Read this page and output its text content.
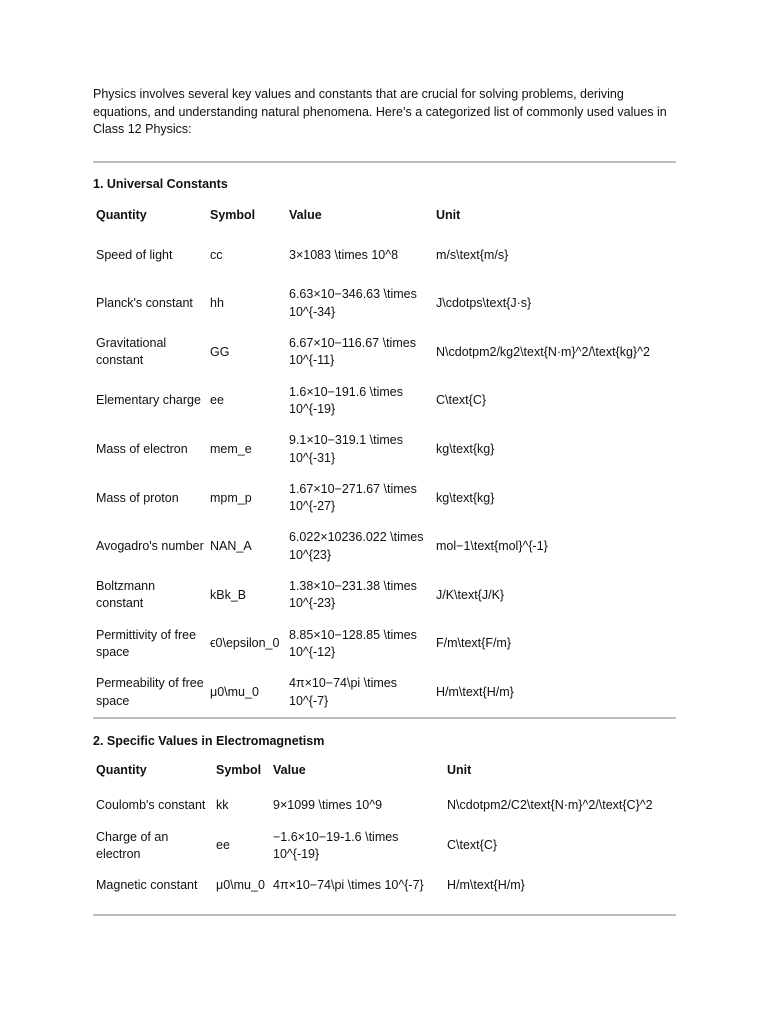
Physics involves several key values and constants that are crucial for solving problems, deriving equations, and understanding natural phenomena. Here’s a categorized list of commonly used values in Class 12 Physics:

1. Universal Constants
Quantity	Symbol	Value	Unit
Speed of light	cc	3×1083 \times 10^8	m/s\text{m/s}
Planck's constant	hh	6.63×10−346.63 \times 10^{-34}	J\cdotps\text{J·s}
Gravitational constant	GG	6.67×10−116.67 \times 10^{-11}	N\cdotpm2/kg2\text{N·m}^2/\text{kg}^2
Elementary charge	ee	1.6×10−191.6 \times 10^{-19}	C\text{C}
Mass of electron	mem_e	9.1×10−319.1 \times 10^{-31}	kg\text{kg}
Mass of proton	mpm_p	1.67×10−271.67 \times 10^{-27}	kg\text{kg}
Avogadro's number	NAN_A	6.022×10236.022 \times 10^{23}	mol−1\text{mol}^{-1}
Boltzmann constant	kBk_B	1.38×10−231.38 \times 10^{-23}	J/K\text{J/K}
Permittivity of free space	ϵ0\epsilon_0	8.85×10−128.85 \times 10^{-12}	F/m\text{F/m}
Permeability of free space	μ0\mu_0	4π×10−74\pi \times 10^{-7}	H/m\text{H/m}
2. Specific Values in Electromagnetism
Quantity	Symbol	Value	Unit
Coulomb's constant	kk	9×1099 \times 10^9	N\cdotpm2/C2\text{N·m}^2/\text{C}^2
Charge of an electron	ee	−1.6×10−19-1.6 \times 10^{-19}	C\text{C}
Magnetic constant	μ0\mu_0	4π×10−74\pi \times 10^{-7}	H/m\text{H/m}
